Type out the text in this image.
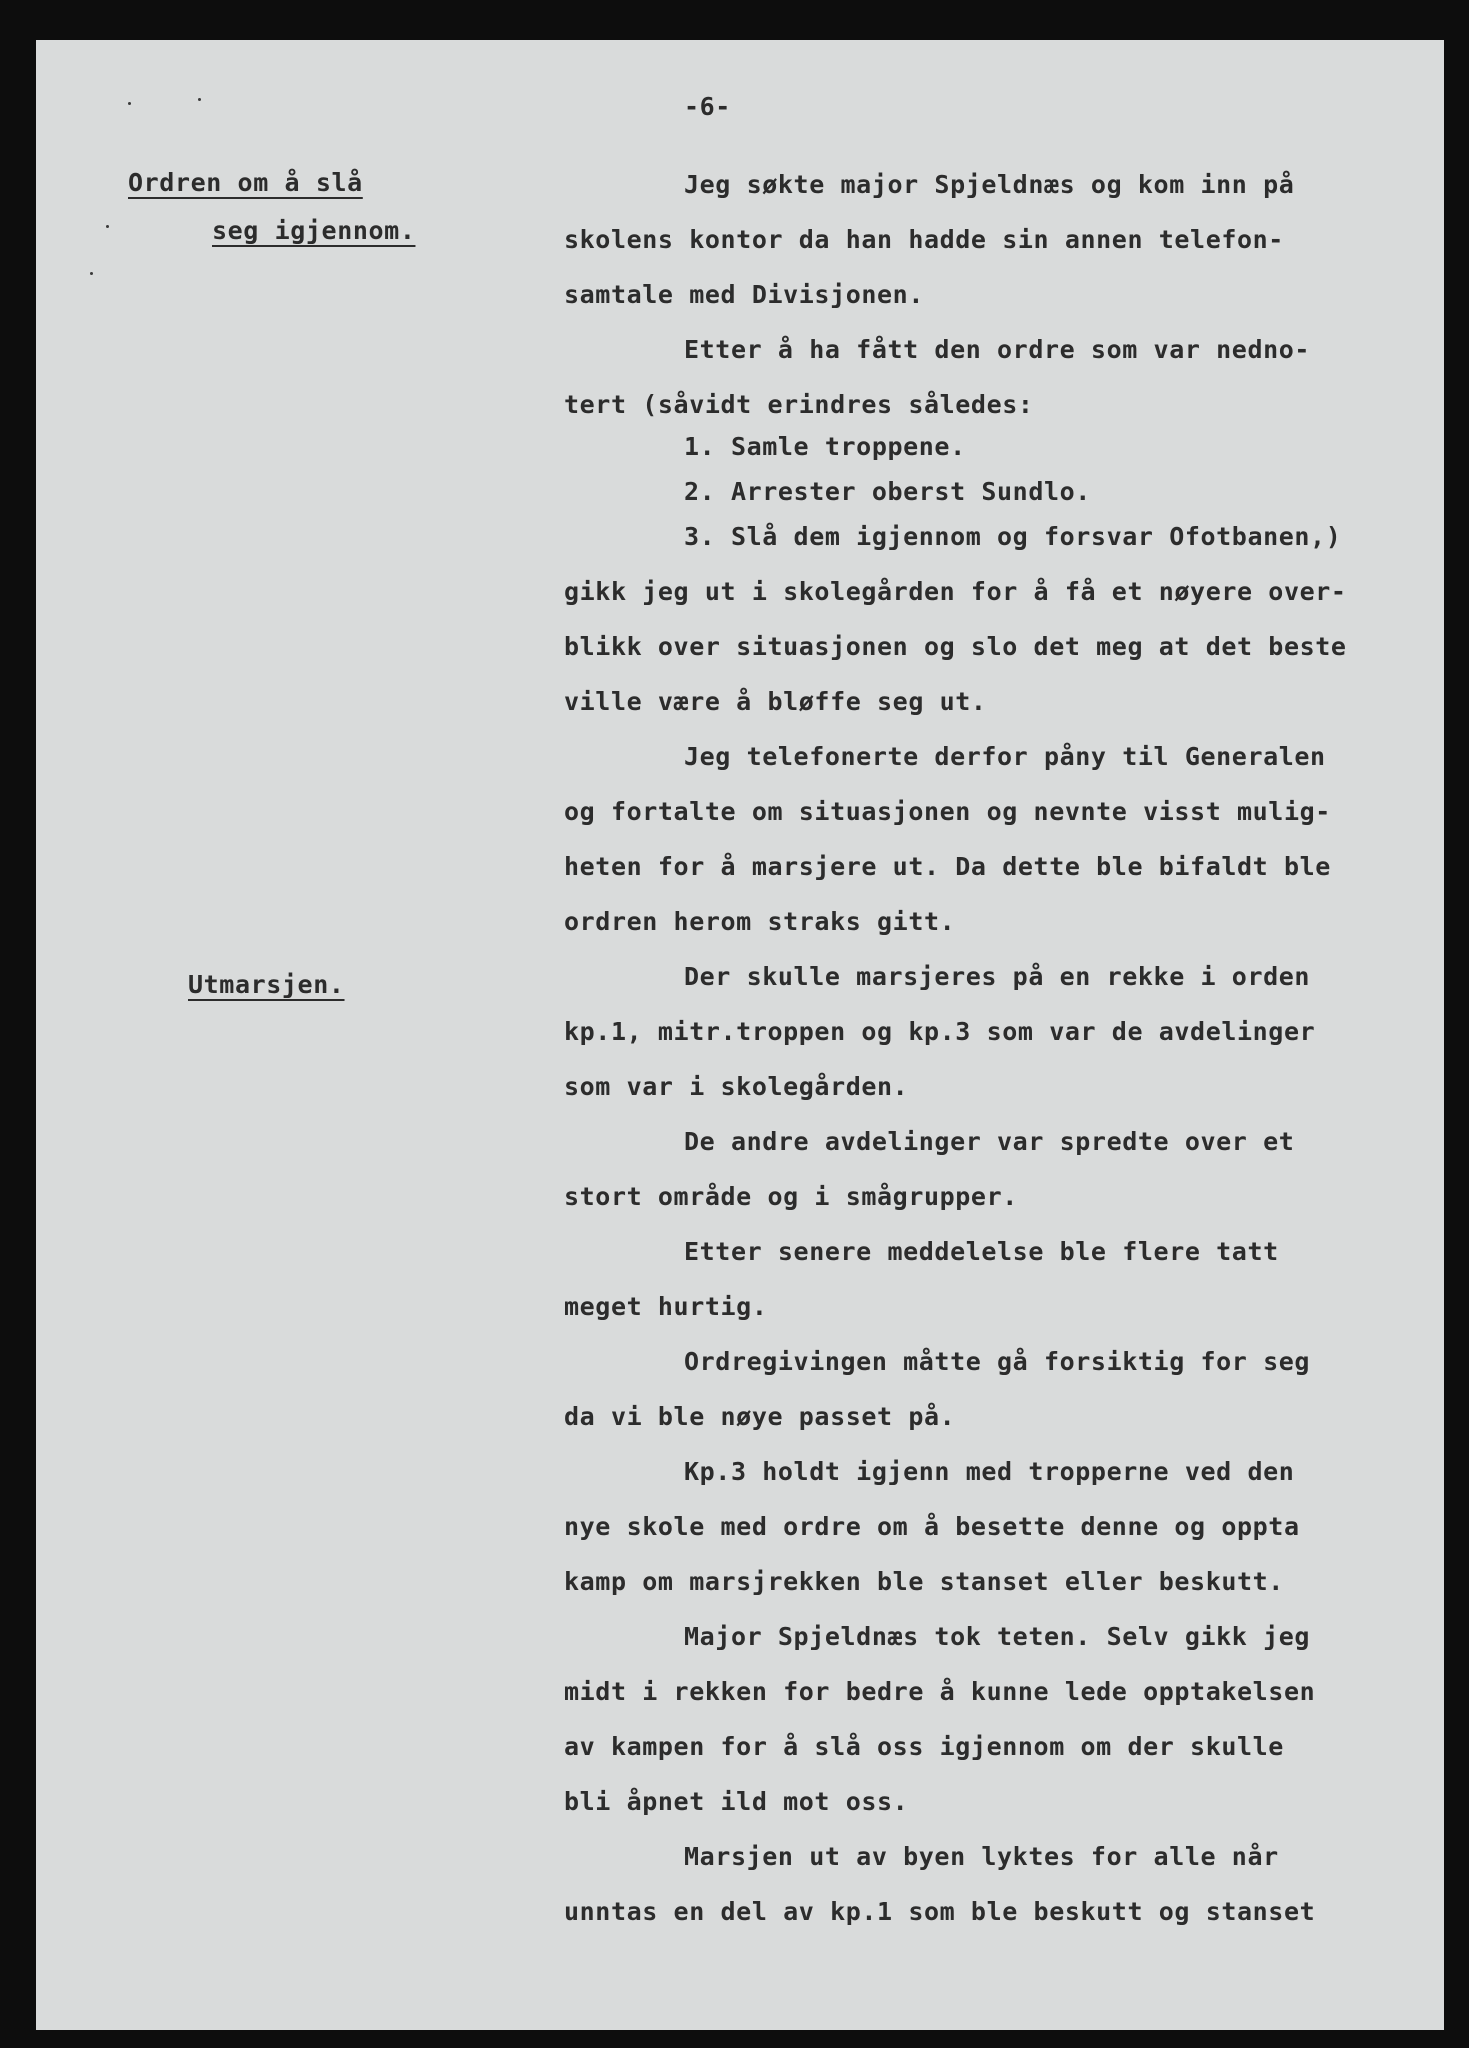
-6-
Ordren om å slå
seg igjennom.
Utmarsjen.
Jeg søkte major Spjeldnæs og kom inn på
skolens kontor da han hadde sin annen telefon-
samtale med Divisjonen.
Etter å ha fått den ordre som var nedno-
tert (såvidt erindres således:
1. Samle troppene.
2. Arrester oberst Sundlo.
3. Slå dem igjennom og forsvar Ofotbanen,)
gikk jeg ut i skolegården for å få et nøyere over-
blikk over situasjonen og slo det meg at det beste
ville være å bløffe seg ut.
Jeg telefonerte derfor påny til Generalen
og fortalte om situasjonen og nevnte visst mulig-
heten for å marsjere ut. Da dette ble bifaldt ble
ordren herom straks gitt.
Der skulle marsjeres på en rekke i orden
kp.1, mitr.troppen og kp.3 som var de avdelinger
som var i skolegården.
De andre avdelinger var spredte over et
stort område og i smågrupper.
Etter senere meddelelse ble flere tatt
meget hurtig.
Ordregivingen måtte gå forsiktig for seg
da vi ble nøye passet på.
Kp.3 holdt igjenn med tropperne ved den
nye skole med ordre om å besette denne og oppta
kamp om marsjrekken ble stanset eller beskutt.
Major Spjeldnæs tok teten. Selv gikk jeg
midt i rekken for bedre å kunne lede opptakelsen
av kampen for å slå oss igjennom om der skulle
bli åpnet ild mot oss.
Marsjen ut av byen lyktes for alle når
unntas en del av kp.1 som ble beskutt og stanset
